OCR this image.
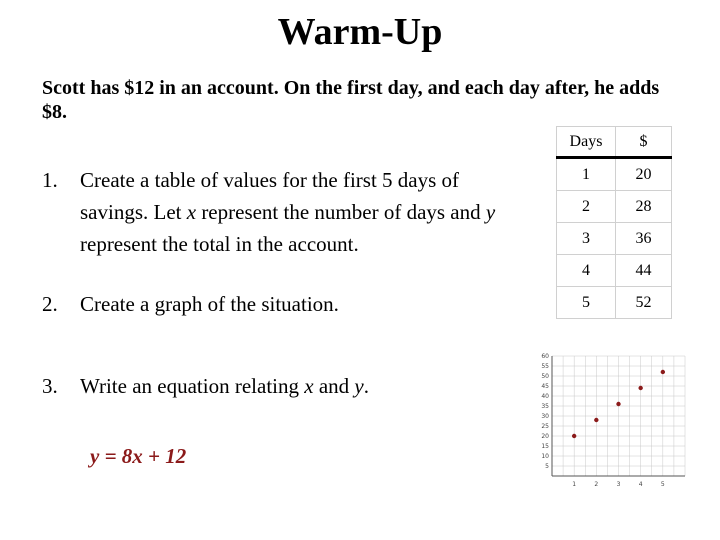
Warm-Up
Scott has $12 in an account. On the first day, and each day after, he adds $8.
1. Create a table of values for the first 5 days of savings. Let x represent the number of days and y represent the total in the account.
2. Create a graph of the situation.
3. Write an equation relating x and y.
y = 8x + 12
Days	$
1	20
2	28
3	36
4	44
5	52
5
10
15
20
25
30
35
40
45
50
55
60
1	2	3	4	5
